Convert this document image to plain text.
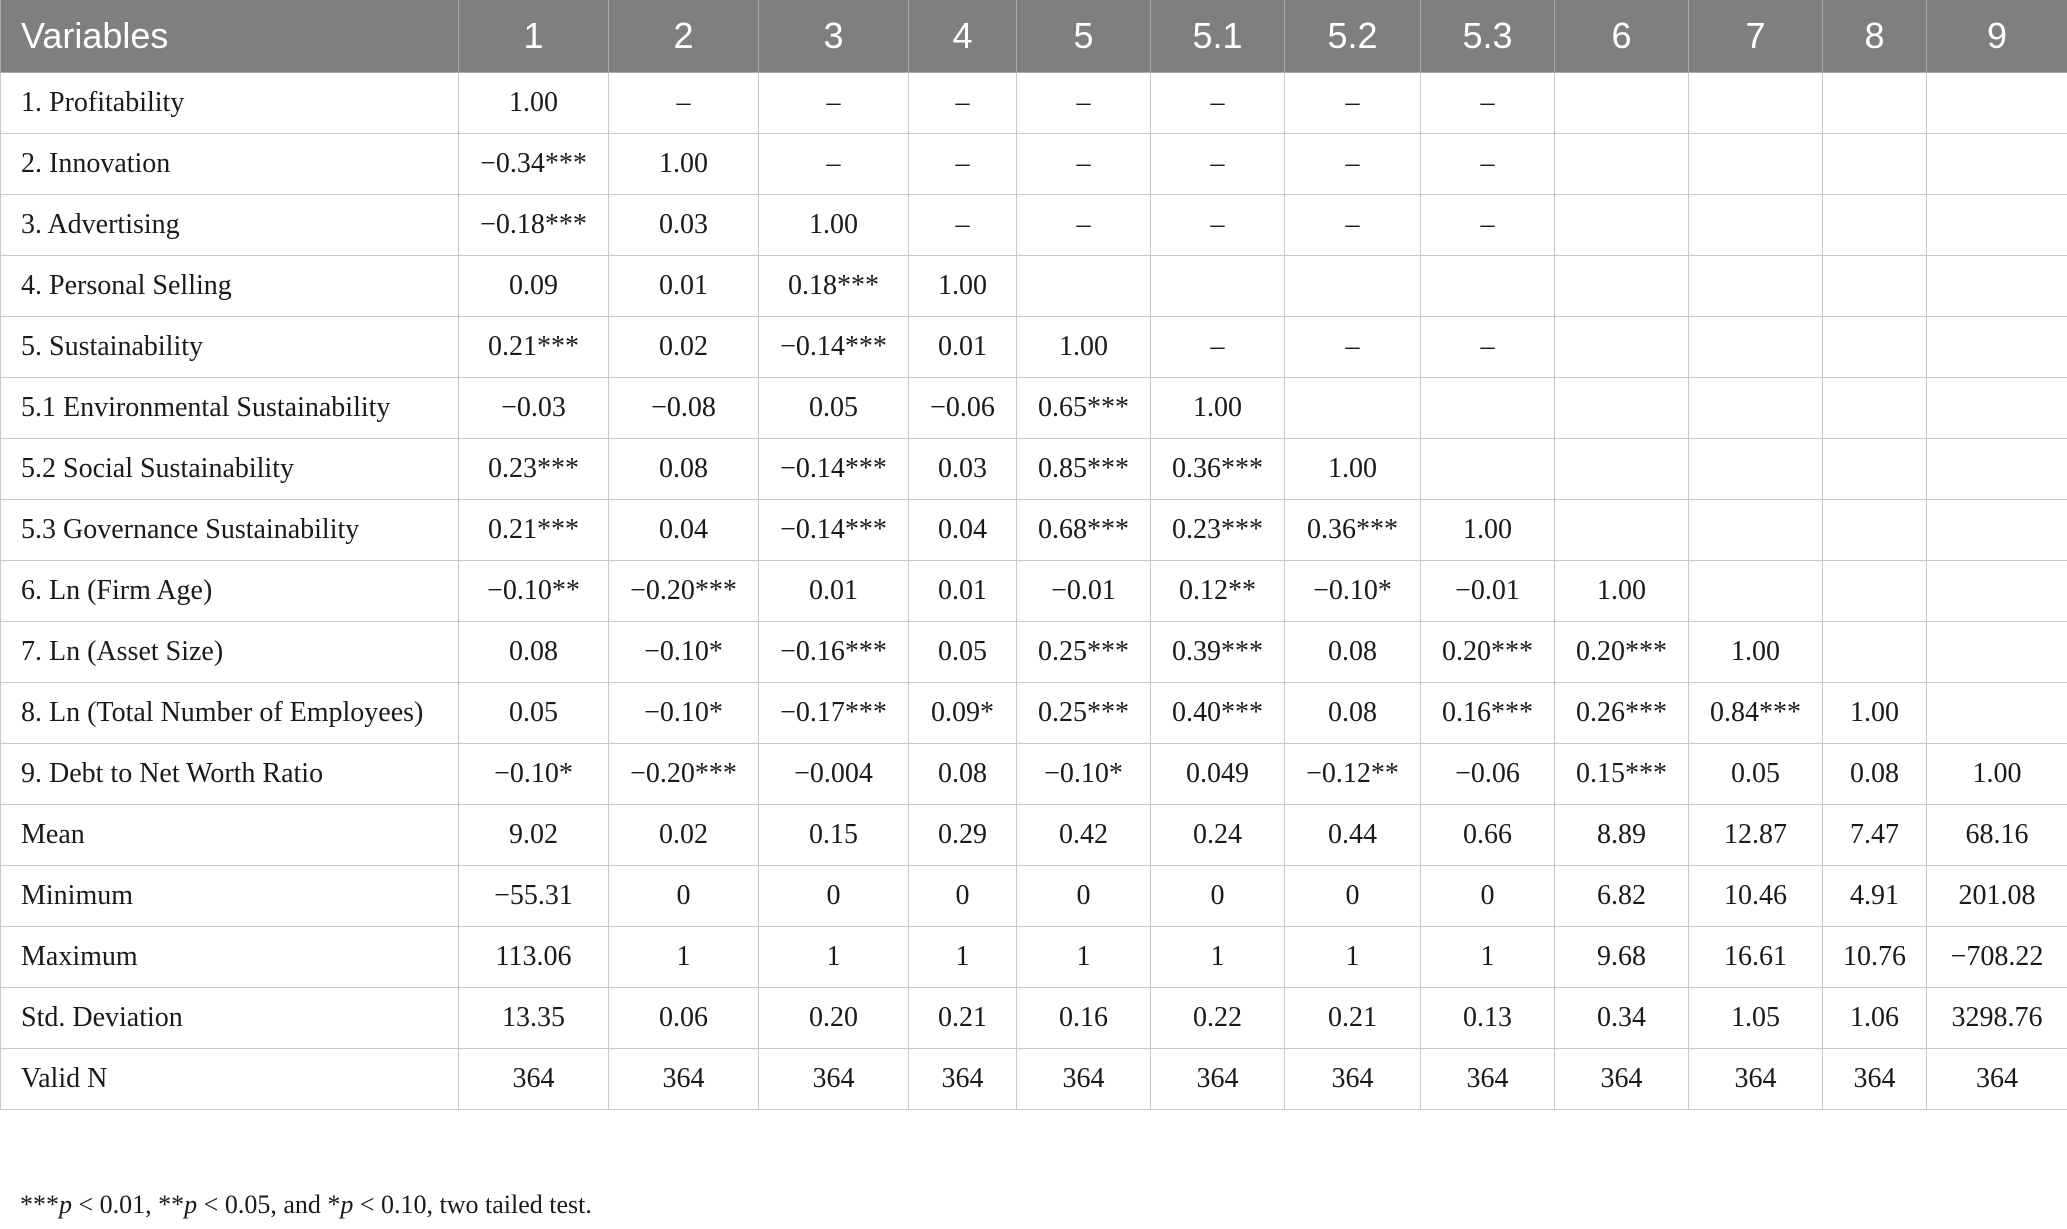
Variables	1	2	3	4	5	5.1	5.2	5.3	6	7	8	9
1. Profitability	1.00	–	–	–	–	–	–	–				
2. Innovation	−0.34***	1.00	–	–	–	–	–	–				
3. Advertising	−0.18***	0.03	1.00	–	–	–	–	–				
4. Personal Selling	0.09	0.01	0.18***	1.00								
5. Sustainability	0.21***	0.02	−0.14***	0.01	1.00	–	–	–				
5.1 Environmental Sustainability	−0.03	−0.08	0.05	−0.06	0.65***	1.00						
5.2 Social Sustainability	0.23***	0.08	−0.14***	0.03	0.85***	0.36***	1.00					
5.3 Governance Sustainability	0.21***	0.04	−0.14***	0.04	0.68***	0.23***	0.36***	1.00				
6. Ln (Firm Age)	−0.10**	−0.20***	0.01	0.01	−0.01	0.12**	−0.10*	−0.01	1.00			
7. Ln (Asset Size)	0.08	−0.10*	−0.16***	0.05	0.25***	0.39***	0.08	0.20***	0.20***	1.00		
8. Ln (Total Number of Employees)	0.05	−0.10*	−0.17***	0.09*	0.25***	0.40***	0.08	0.16***	0.26***	0.84***	1.00	
9. Debt to Net Worth Ratio	−0.10*	−0.20***	−0.004	0.08	−0.10*	0.049	−0.12**	−0.06	0.15***	0.05	0.08	1.00
Mean	9.02	0.02	0.15	0.29	0.42	0.24	0.44	0.66	8.89	12.87	7.47	68.16
Minimum	−55.31	0	0	0	0	0	0	0	6.82	10.46	4.91	201.08
Maximum	113.06	1	1	1	1	1	1	1	9.68	16.61	10.76	−708.22
Std. Deviation	13.35	0.06	0.20	0.21	0.16	0.22	0.21	0.13	0.34	1.05	1.06	3298.76
Valid N	364	364	364	364	364	364	364	364	364	364	364	364
***p < 0.01, **p < 0.05, and *p < 0.10, two tailed test.
